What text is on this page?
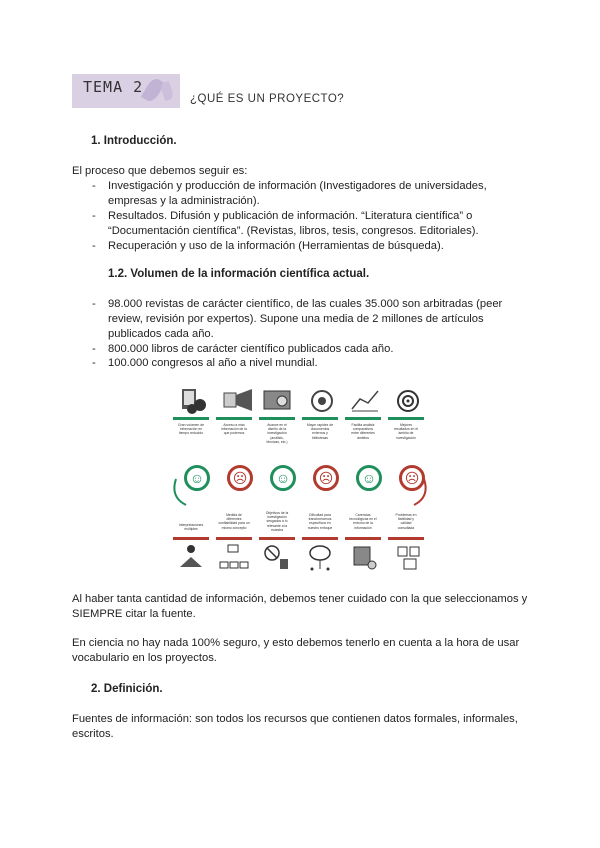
TEMA 2
¿QUÉ ES UN PROYECTO?
1. Introducción.
El proceso que debemos seguir es:
- Investigación y producción de información (Investigadores de universidades,
empresas y la administración).
- Resultados. Difusión y publicación de información. “Literatura científica” o
“Documentación científica”. (Revistas, libros, tesis, congresos. Editoriales).
- Recuperación y uso de la información (Herramientas de búsqueda).
1.2. Volumen de la información científica actual.
- 98.000 revistas de carácter científico, de las cuales 35.000 son arbitradas (peer
review, revisión por expertos). Supone una media de 2 millones de artículos
publicados cada año.
- 800.000 libros de carácter científico publicados cada año.
- 100.000 congresos al año a nivel mundial.
Gran volumen de
información en
tiempo reducido
Acceso a más
información de la
que podemos
Avance en el
diseño de la
investigación
(análisis,
técnicas, etc.)
Mayor rapidez de
documentos
externos y
bibliotecas
Facilita análisis
comparativos
entre diferentes
ámbitos
Mejores
resultados en el
ámbito de
investigación
☺ ☹ ☺ ☹ ☺ ☹
Interpretaciones
múltiples
Medida de
diferentes
confiabilidad para un
mismo concepto
Objetivos de la
investigación
sesgados a lo
relevante a la
muestra
Dificultad para
transformarnos
específicos en
nuestro enfoque
Carencias
tecnológicas en el
entorno de la
información
Problemas en
fiabilidad y
calidad
consultada
Al haber tanta cantidad de información, debemos tener cuidado con la que seleccionamos y
SIEMPRE citar la fuente.
En ciencia no hay nada 100% seguro, y esto debemos tenerlo en cuenta a la hora de usar
vocabulario en los proyectos.
2. Definición.
Fuentes de información: son todos los recursos que contienen datos formales, informales,
escritos.
